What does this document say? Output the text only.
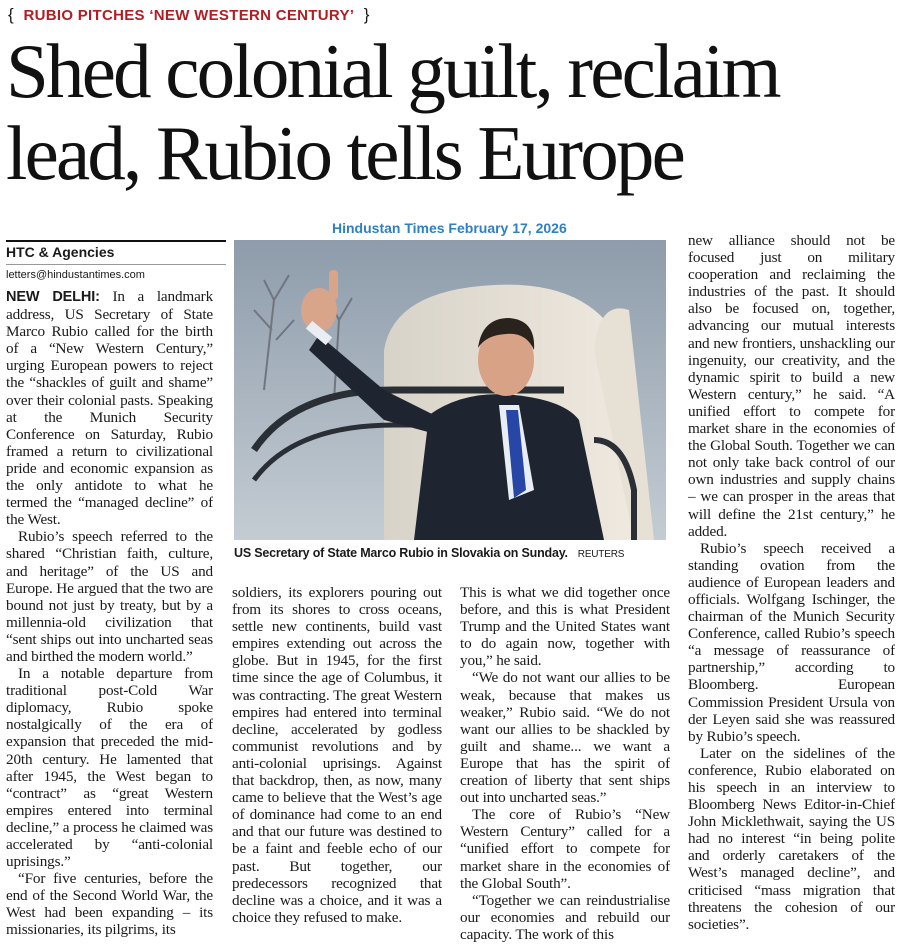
{ RUBIO PITCHES ‘NEW WESTERN CENTURY’ }
Shed colonial guilt, reclaim
lead, Rubio tells Europe
Hindustan Times February 17, 2026
HTC & Agencies
letters@hindustantimes.com
US Secretary of State Marco Rubio in Slovakia on Sunday. REUTERS

NEW DELHI: In a landmark address, US Secretary of State Marco Rubio called for the birth of a “New Western Century,” urging European powers to reject the “shackles of guilt and shame” over their colonial pasts. Speaking at the Munich Security Conference on Saturday, Rubio framed a return to civilizational pride and economic expansion as the only antidote to what he termed the “managed decline” of the West.

Rubio’s speech referred to the shared “Christian faith, culture, and heritage” of the US and Europe. He argued that the two are bound not just by treaty, but by a millennia-old civilization that “sent ships out into uncharted seas and birthed the modern world.”

In a notable departure from traditional post-Cold War diplomacy, Rubio spoke nostalgically of the era of expansion that preceded the mid-20th century. He lamented that after 1945, the West began to “contract” as “great Western empires entered into terminal decline,” a process he claimed was accelerated by “anti-colonial uprisings.”

“For five centuries, before the end of the Second World War, the West had been expanding – its missionaries, its pilgrims, its

soldiers, its explorers pouring out from its shores to cross oceans, settle new continents, build vast empires extending out across the globe. But in 1945, for the first time since the age of Columbus, it was contracting. The great Western empires had entered into terminal decline, accelerated by godless communist revolutions and by anti-colonial uprisings. Against that backdrop, then, as now, many came to believe that the West’s age of dominance had come to an end and that our future was destined to be a faint and feeble echo of our past. But together, our predecessors recognized that decline was a choice, and it was a choice they refused to make.

This is what we did together once before, and this is what President Trump and the United States want to do again now, together with you,” he said.

“We do not want our allies to be weak, because that makes us weaker,” Rubio said. “We do not want our allies to be shackled by guilt and shame... we want a Europe that has the spirit of creation of liberty that sent ships out into uncharted seas.”

The core of Rubio’s “New Western Century” called for a “unified effort to compete for market share in the economies of the Global South”.

“Together we can reindustrialise our economies and rebuild our capacity. The work of this

new alliance should not be focused just on military cooperation and reclaiming the industries of the past. It should also be focused on, together, advancing our mutual interests and new frontiers, unshackling our ingenuity, our creativity, and the dynamic spirit to build a new Western century,” he said. “A unified effort to compete for market share in the economies of the Global South. Together we can not only take back control of our own industries and supply chains – we can prosper in the areas that will define the 21st century,” he added.

Rubio’s speech received a standing ovation from the audience of European leaders and officials. Wolfgang Ischinger, the chairman of the Munich Security Conference, called Rubio’s speech “a message of reassurance of partnership,” according to Bloomberg. European Commission President Ursula von der Leyen said she was reassured by Rubio’s speech.

Later on the sidelines of the conference, Rubio elaborated on his speech in an interview to Bloomberg News Editor-in-Chief John Micklethwait, saying the US had no interest “in being polite and orderly caretakers of the West’s managed decline”, and criticised “mass migration that threatens the cohesion of our societies”.
